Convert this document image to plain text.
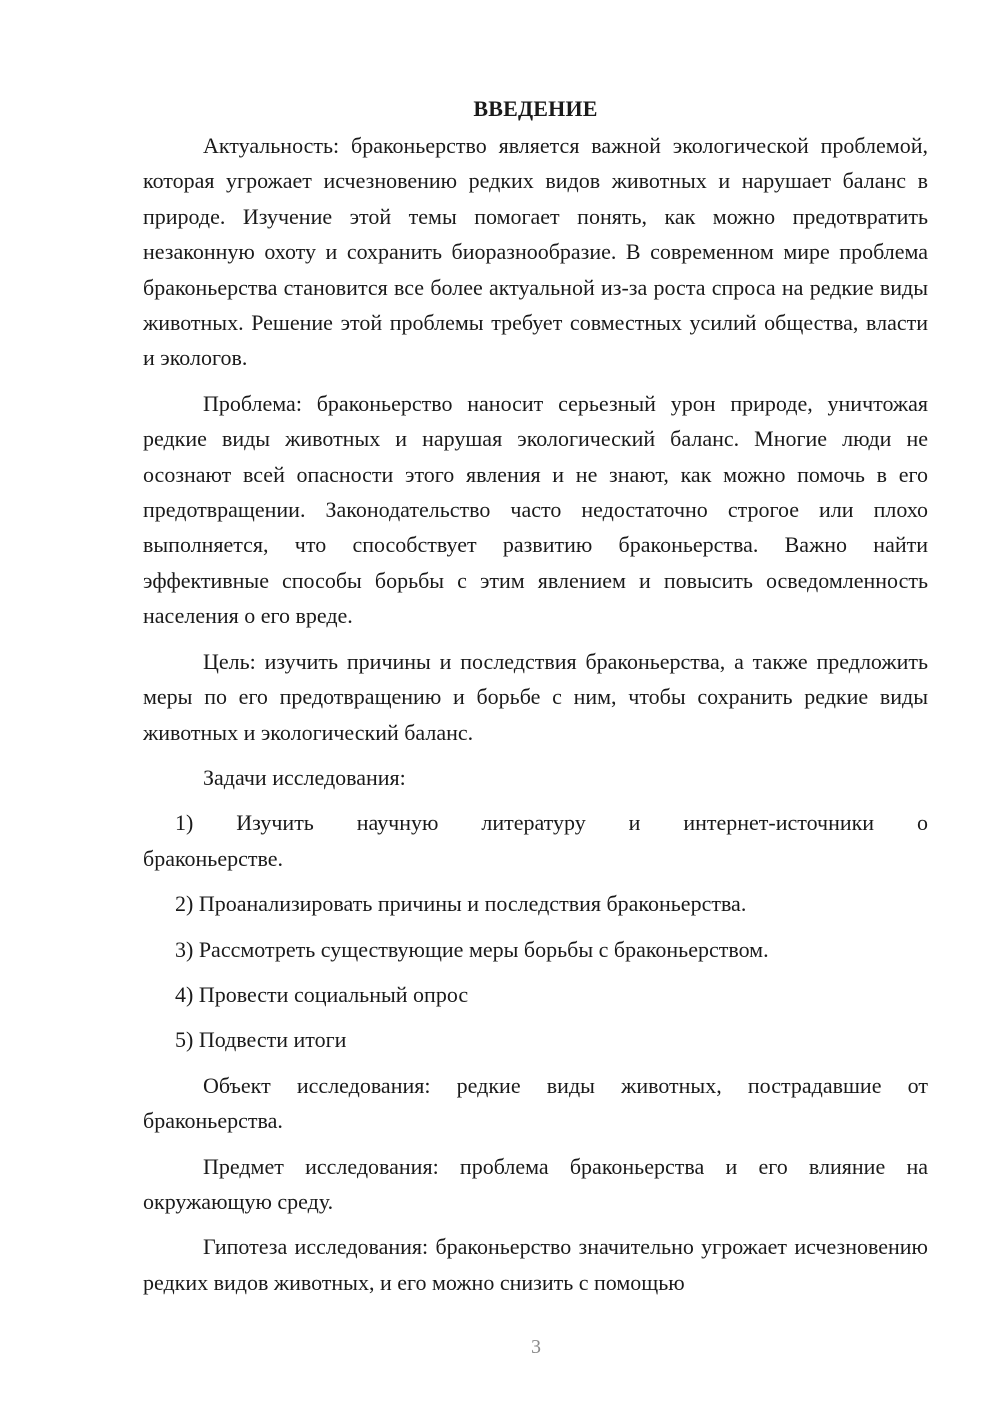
ВВЕДЕНИЕ

Актуальность: браконьерство является важной экологической проблемой, которая угрожает исчезновению редких видов животных и нарушает баланс в природе. Изучение этой темы помогает понять, как можно предотвратить незаконную охоту и сохранить биоразнообразие. В современном мире проблема браконьерства становится все более актуальной из-за роста спроса на редкие виды животных. Решение этой проблемы требует совместных усилий общества, власти и экологов.

Проблема: браконьерство наносит серьезный урон природе, уничтожая редкие виды животных и нарушая экологический баланс. Многие люди не осознают всей опасности этого явления и не знают, как можно помочь в его предотвращении. Законодательство часто недостаточно строгое или плохо выполняется, что способствует развитию браконьерства. Важно найти эффективные способы борьбы с этим явлением и повысить осведомленность населения о его вреде.

Цель: изучить причины и последствия браконьерства, а также предложить меры по его предотвращению и борьбе с ним, чтобы сохранить редкие виды животных и экологический баланс.

Задачи исследования:

1) Изучить научную литературу и интернет-источники о браконьерстве.

2) Проанализировать причины и последствия браконьерства.

3) Рассмотреть существующие меры борьбы с браконьерством.

4) Провести социальный опрос

5) Подвести итоги

Объект исследования: редкие виды животных, пострадавшие от браконьерства.

Предмет исследования: проблема браконьерства и его влияние на окружающую среду.

Гипотеза исследования: браконьерство значительно угрожает исчезновению редких видов животных, и его можно снизить с помощью

3
